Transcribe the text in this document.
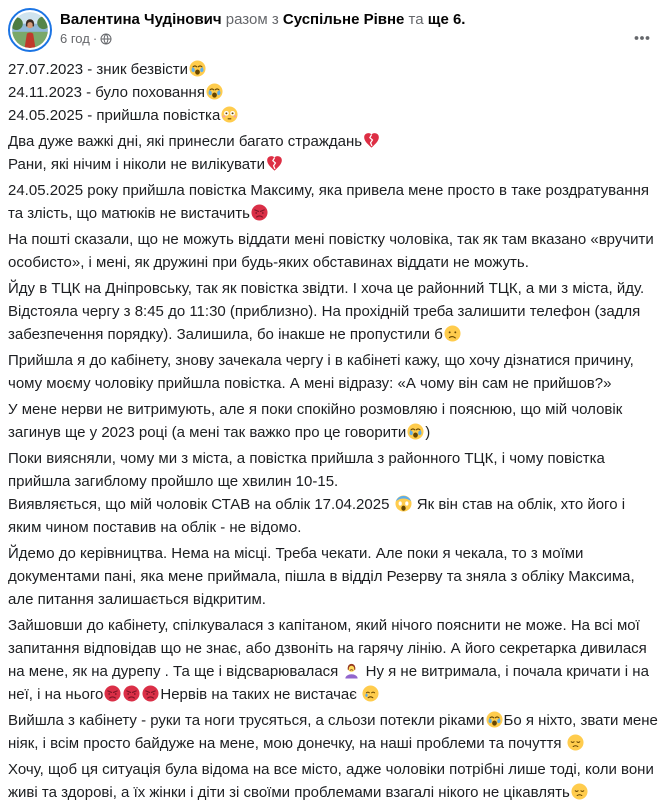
Валентина Чудінович разом з Суспільне Рівне та ще 6.
6 год ·

27.07.2023 - зник безвісти
24.11.2023 - було поховання
24.05.2025 - прийшла повістка

Два дуже важкі дні, які принесли багато страждань
Рани, які нічим і ніколи не вилікувати

24.05.2025 року прийшла повістка Максиму, яка привела мене просто в таке роздратування та злість, що матюків не вистачить

На пошті сказали, що не можуть віддати мені повістку чоловіка, так як там вказано «вручити особисто», і мені, як дружині при будь-яких обставинах віддати не можуть.

Йду в ТЦК на Дніпровську, так як повістка звідти. І хоча це районний ТЦК, а ми з міста, йду. Відстояла чергу з 8:45 до 11:30 (приблизно). На прохідній треба залишити телефон (задля забезпечення порядку). Залишила, бо інакше не пропустили б

Прийшла я до кабінету, знову зачекала чергу і в кабінеті кажу, що хочу дізнатися причину, чому моєму чоловіку прийшла повістка. А мені відразу: «А чому він сам не прийшов?»

У мене нерви не витримують, але я поки спокійно розмовляю і пояснюю, що мій чоловік загинув ще у 2023 році (а мені так важко про це говорити )

Поки виясняли, чому ми з міста, а повістка прийшла з районного ТЦК, і чому повістка прийшла загиблому пройшло ще хвилин 10-15.
Виявляється, що мій чоловік СТАВ на облік 17.04.2025  Як він став на облік, хто його і яким чином поставив на облік - не відомо.

Йдемо до керівництва. Нема на місці. Треба чекати. Але поки я чекала, то з моїми документами пані, яка мене приймала, пішла в відділ Резерву та зняла з обліку Максима, але питання залишається відкритим.

Зайшовши до кабінету, спілкувалася з капітаном, який нічого пояснити не може. На всі мої запитання відповідав що не знає, або дзвоніть на гарячу лінію. А його секретарка дивилася на мене, як на дурепу . Та ще і відсварювалася  Ну я не витримала, і почала кричати і на неї, і на нього	Нервів на таких не вистачає

Вийшла з кабінету - руки та ноги трусяться, а сльози потекли ріками Бо я ніхто, звати мене ніяк, і всім просто байдуже на мене, мою донечку, на наші проблеми та почуття

Хочу, щоб ця ситуація була відома на все місто, адже чоловіки потрібні лише тоді, коли вони живі та здорові, а їх жінки і діти зі своїми проблемами взагалі нікого не цікавлять
